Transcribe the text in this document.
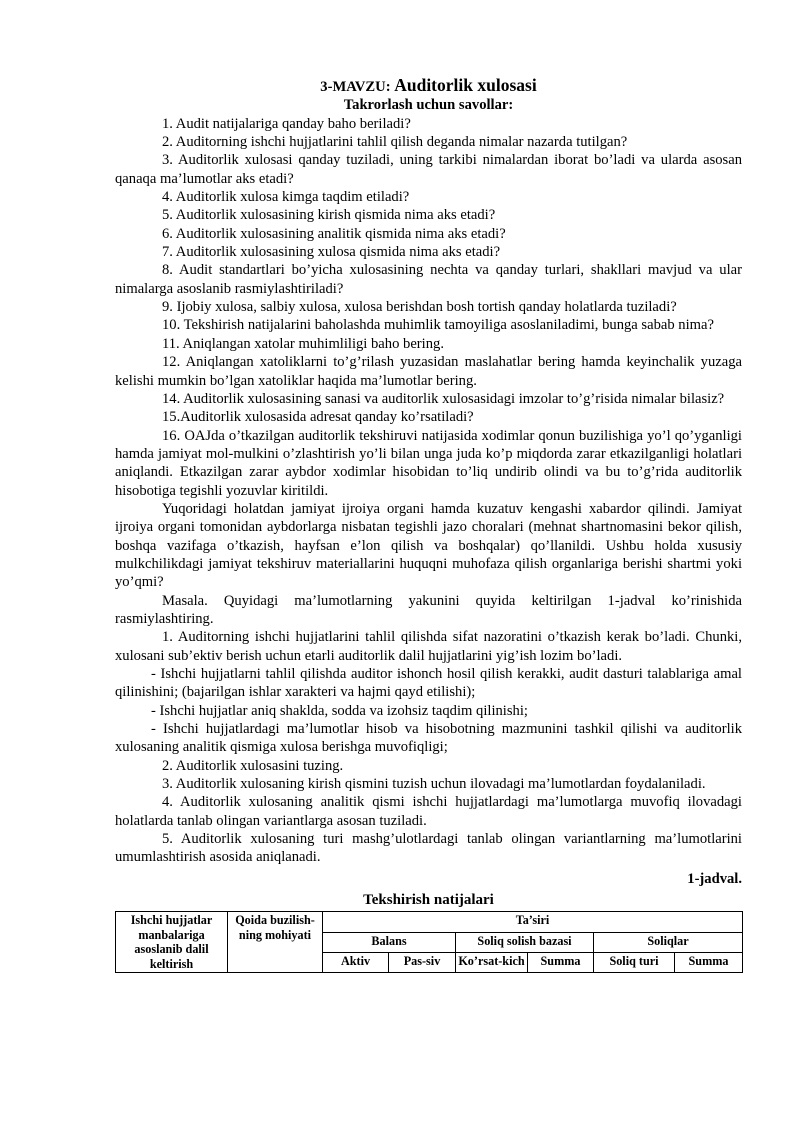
3-MAVZU: Auditorlik xulosasi
Takrorlash uchun savollar:

1. Audit natijalariga qanday baho beriladi?

2. Auditorning ishchi hujjatlarini tahlil qilish deganda nimalar nazarda tutilgan?

3. Auditorlik xulosasi qanday tuziladi, uning tarkibi nimalardan iborat bo’ladi va ularda asosan qanaqa ma’lumotlar aks etadi?

4. Auditorlik xulosa kimga taqdim etiladi?

5. Auditorlik xulosasining kirish qismida nima aks etadi?

6. Auditorlik xulosasining analitik qismida nima aks etadi?

7. Auditorlik xulosasining xulosa qismida nima aks etadi?

8. Audit standartlari bo’yicha xulosasining nechta va qanday turlari, shakllari mavjud va ular nimalarga asoslanib rasmiylashtiriladi?

9. Ijobiy xulosa, salbiy xulosa, xulosa berishdan bosh tortish qanday holatlarda tuziladi?

10. Tekshirish natijalarini baholashda muhimlik tamoyiliga asoslaniladimi, bunga sabab nima?

11. Aniqlangan xatolar muhimliligi baho bering.

12. Aniqlangan xatoliklarni to’g’rilash yuzasidan maslahatlar bering hamda keyinchalik yuzaga kelishi mumkin bo’lgan xatoliklar haqida ma’lumotlar bering.

14. Auditorlik xulosasining sanasi va auditorlik xulosasidagi imzolar to’g’risida nimalar bilasiz?

15.Auditorlik xulosasida adresat qanday ko’rsatiladi?

16. OAJda o’tkazilgan auditorlik tekshiruvi natijasida xodimlar qonun buzilishiga yo’l qo’yganligi hamda jamiyat mol-mulkini o’zlashtirish yo’li bilan unga juda ko’p miqdorda zarar etkazilganligi holatlari aniqlandi. Etkazilgan zarar aybdor xodimlar hisobidan to’liq undirib olindi va bu to’g’rida auditorlik hisobotiga tegishli yozuvlar kiritildi.

Yuqoridagi holatdan jamiyat ijroiya organi hamda kuzatuv kengashi xabardor qilindi. Jamiyat ijroiya organi tomonidan aybdorlarga nisbatan tegishli jazo choralari (mehnat shartnomasini bekor qilish, boshqa vazifaga o’tkazish, hayfsan e’lon qilish va boshqalar) qo’llanildi. Ushbu holda xususiy mulkchilikdagi jamiyat tekshiruv materiallarini huquqni muhofaza qilish organlariga berishi shartmi yoki yo’qmi?

Masala. Quyidagi ma’lumotlarning yakunini quyida keltirilgan 1-jadval ko’rinishida rasmiylashtiring.

1. Auditorning ishchi hujjatlarini tahlil qilishda sifat nazoratini o’tkazish kerak bo’ladi. Chunki, xulosani sub’ektiv berish uchun etarli auditorlik dalil hujjatlarini yig’ish lozim bo’ladi.

- Ishchi hujjatlarni tahlil qilishda auditor ishonch hosil qilish kerakki, audit dasturi talablariga amal qilinishini; (bajarilgan ishlar xarakteri va hajmi qayd etilishi);

- Ishchi hujjatlar aniq shaklda, sodda va izohsiz taqdim qilinishi;

- Ishchi hujjatlardagi ma’lumotlar hisob va hisobotning mazmunini tashkil qilishi va auditorlik xulosaning analitik qismiga xulosa berishga muvofiqligi;

2. Auditorlik xulosasini tuzing.

3. Auditorlik xulosaning kirish qismini tuzish uchun ilovadagi ma’lumotlardan foydalaniladi.

4. Auditorlik xulosaning analitik qismi ishchi hujjatlardagi ma’lumotlarga muvofiq ilovadagi holatlarda tanlab olingan variantlarga asosan tuziladi.

5. Auditorlik xulosaning turi mashg’ulotlardagi tanlab olingan variantlarning ma’lumotlarini umumlashtirish asosida aniqlanadi.

1-jadval.
Tekshirish natijalari
Ishchi hujjatlar manbalariga asoslanib dalil keltirish	Qoida buzilish-ning mohiyati	Ta’siri					
		Balans		Soliq solish bazasi		Soliqlar	
		Aktiv	Pas-siv	Ko’rsat-kich	Summa	Soliq turi	Summa
